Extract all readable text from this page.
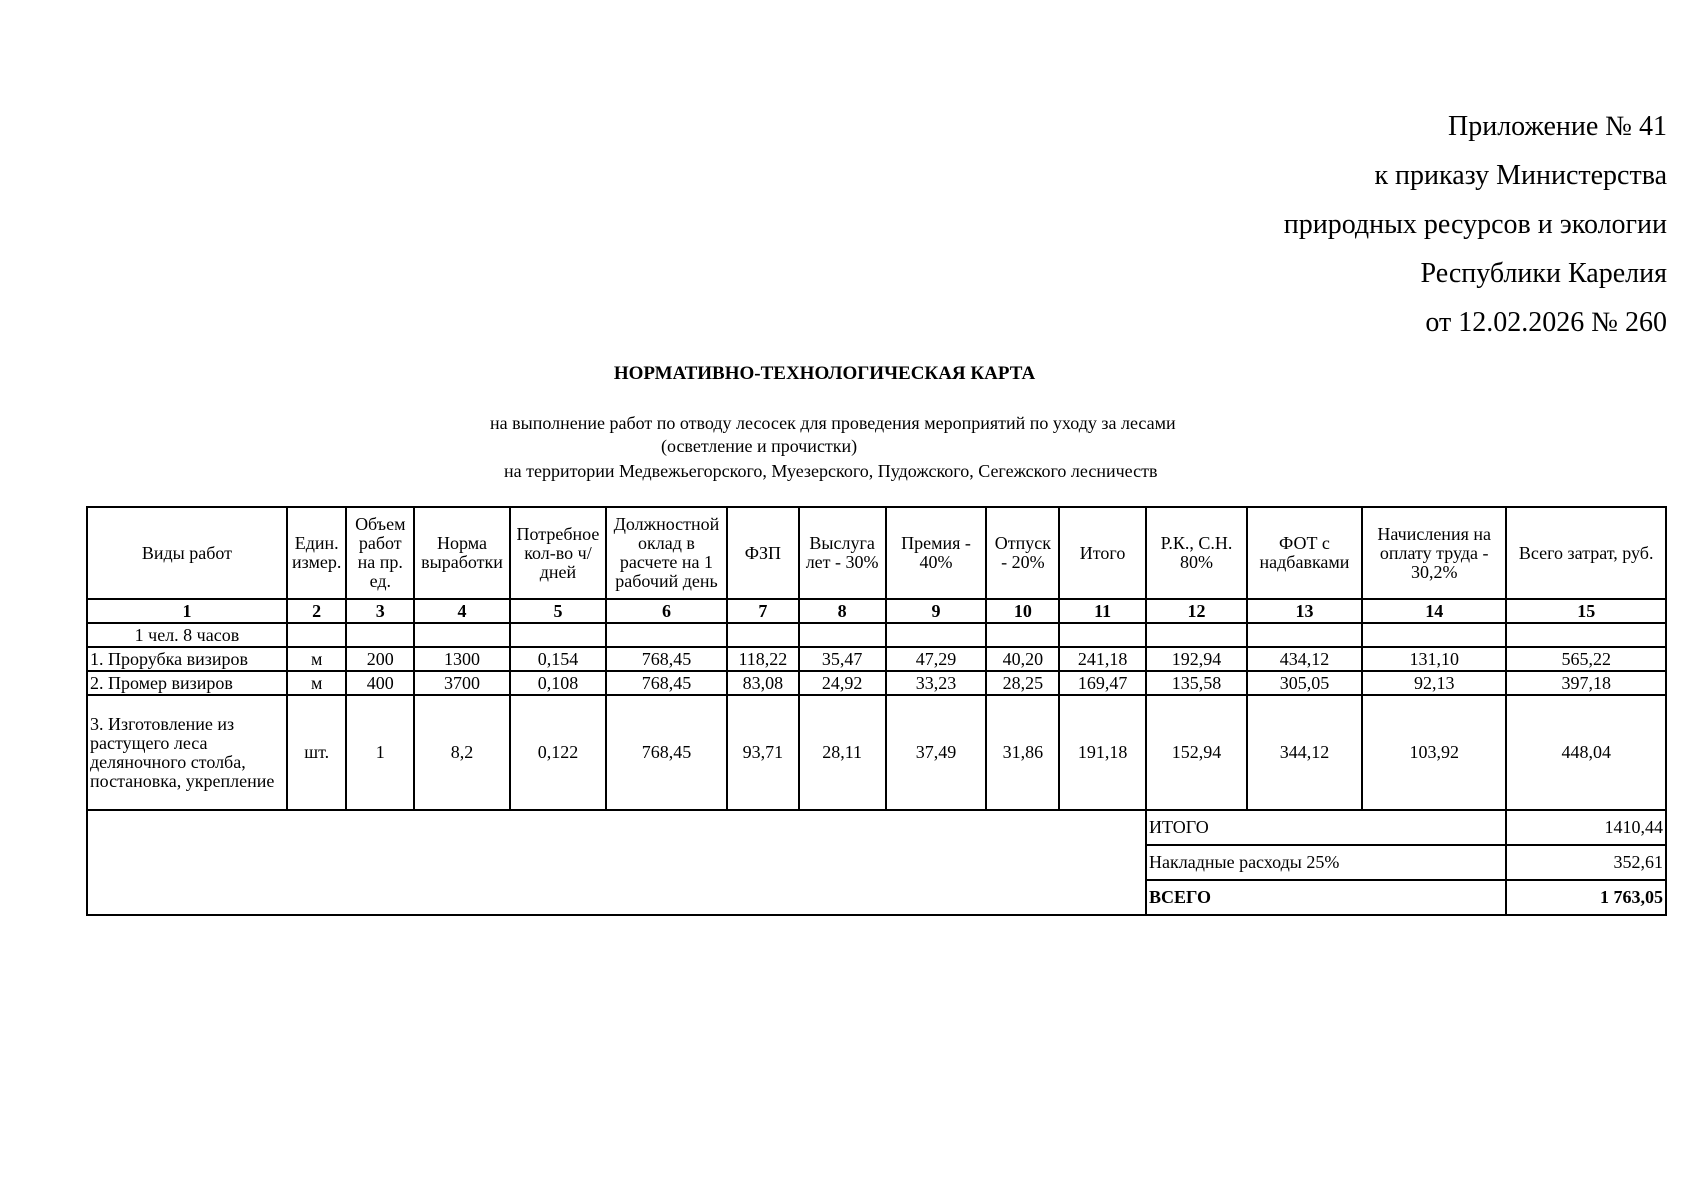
Приложение № 41
к приказу Министерства
природных ресурсов и экологии
Республики Карелия
от 12.02.2026 № 260
НОРМАТИВНО-ТЕХНОЛОГИЧЕСКАЯ КАРТА
на выполнение работ по отводу лесосек для проведения мероприятий по уходу за лесами
(осветление и прочистки)
на территории Медвежьегорского, Муезерского, Пудожского, Сегежского лесничеств
Виды работ	Един. измер.	Объем работ на пр. ед.	Норма выработки	Потребное кол-во ч/дней	Должностной оклад в расчете на 1 рабочий день	ФЗП	Выслуга лет - 30%	Премия - 40%	Отпуск - 20%	Итого	Р.К., С.Н. 80%	ФОТ с надбавками	Начисления на оплату труда - 30,2%	Всего затрат, руб.
1	2	3	4	5	6	7	8	9	10	11	12	13	14	15
1 чел. 8 часов														
1. Прорубка визиров	м	200	1300	0,154	768,45	118,22	35,47	47,29	40,20	241,18	192,94	434,12	131,10	565,22
2. Промер визиров	м	400	3700	0,108	768,45	83,08	24,92	33,23	28,25	169,47	135,58	305,05	92,13	397,18
3. Изготовление из растущего леса деляночного столба, постановка, укрепление	шт.	1	8,2	0,122	768,45	93,71	28,11	37,49	31,86	191,18	152,94	344,12	103,92	448,04
											ИТОГО			1410,44
											Накладные расходы 25%			352,61
											ВСЕГО			1 763,05
